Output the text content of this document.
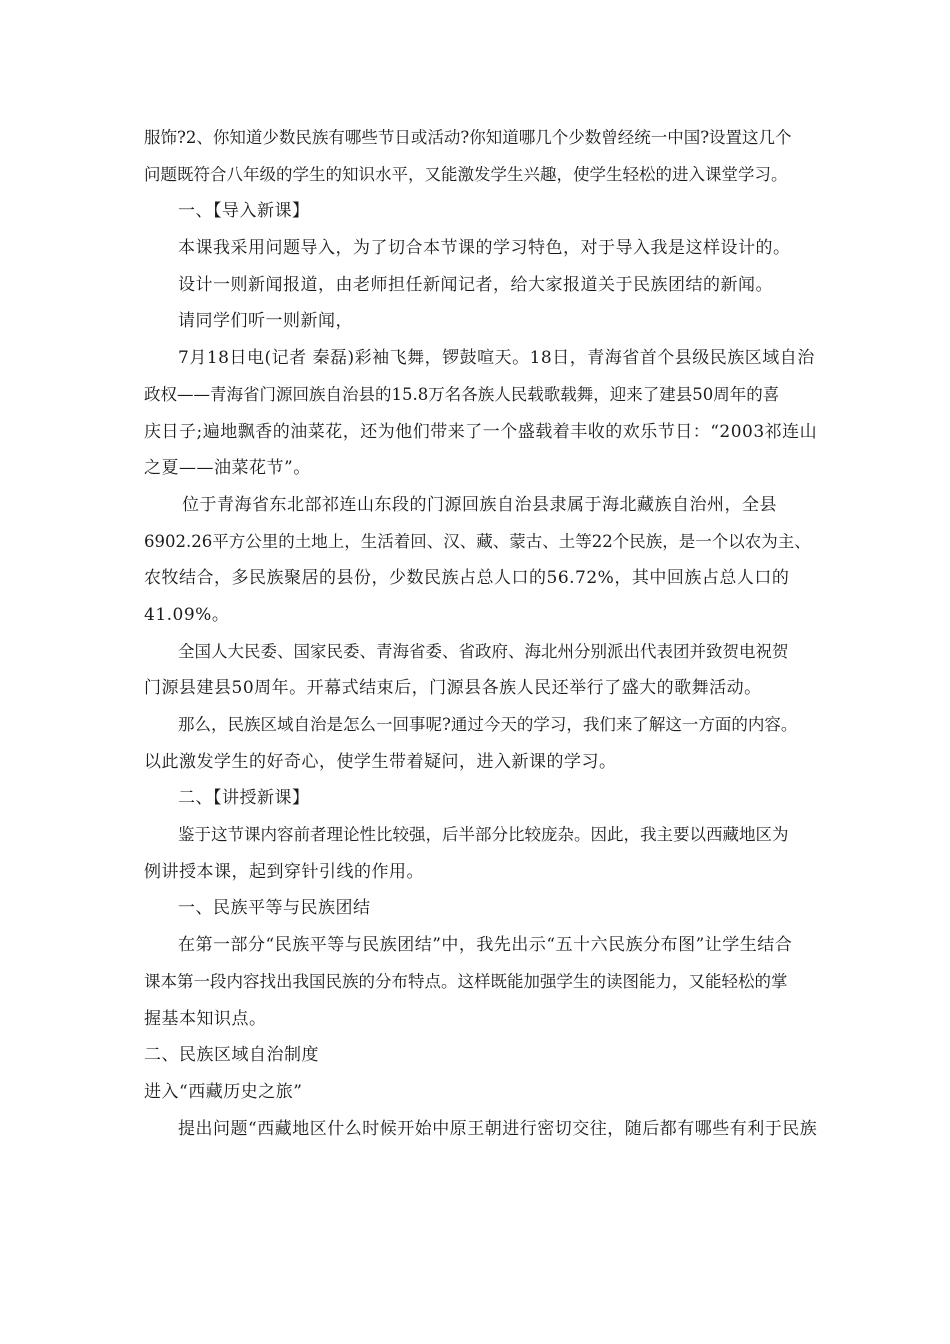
服饰?2、你知道少数民族有哪些节日或活动?你知道哪几个少数曾经统一中国?设置这几个
问题既符合八年级的学生的知识水平，又能激发学生兴趣，使学生轻松的进入课堂学习。
一、【导入新课】
本课我采用问题导入，为了切合本节课的学习特色，对于导入我是这样设计的。
设计一则新闻报道，由老师担任新闻记者，给大家报道关于民族团结的新闻。
请同学们听一则新闻，
7月18日电(记者 秦磊)彩袖飞舞，锣鼓喧天。18日，青海省首个县级民族区域自治
政权——青海省门源回族自治县的15.8万名各族人民载歌载舞，迎来了建县50周年的喜
庆日子;遍地飘香的油菜花，还为他们带来了一个盛载着丰收的欢乐节日：“2003祁连山
之夏——油菜花节”。
位于青海省东北部祁连山东段的门源回族自治县隶属于海北藏族自治州，全县
6902.26平方公里的土地上，生活着回、汉、藏、蒙古、土等22个民族，是一个以农为主、
农牧结合，多民族聚居的县份，少数民族占总人口的56.72%，其中回族占总人口的
41.09%。
全国人大民委、国家民委、青海省委、省政府、海北州分别派出代表团并致贺电祝贺
门源县建县50周年。开幕式结束后，门源县各族人民还举行了盛大的歌舞活动。
那么，民族区域自治是怎么一回事呢?通过今天的学习，我们来了解这一方面的内容。
以此激发学生的好奇心，使学生带着疑问，进入新课的学习。
二、【讲授新课】
鉴于这节课内容前者理论性比较强，后半部分比较庞杂。因此，我主要以西藏地区为
例讲授本课，起到穿针引线的作用。
一、民族平等与民族团结
在第一部分“民族平等与民族团结”中，我先出示“五十六民族分布图”让学生结合
课本第一段内容找出我国民族的分布特点。这样既能加强学生的读图能力，又能轻松的掌
握基本知识点。
二、民族区域自治制度
进入“西藏历史之旅”
提出问题“西藏地区什么时候开始中原王朝进行密切交往，随后都有哪些有利于民族
